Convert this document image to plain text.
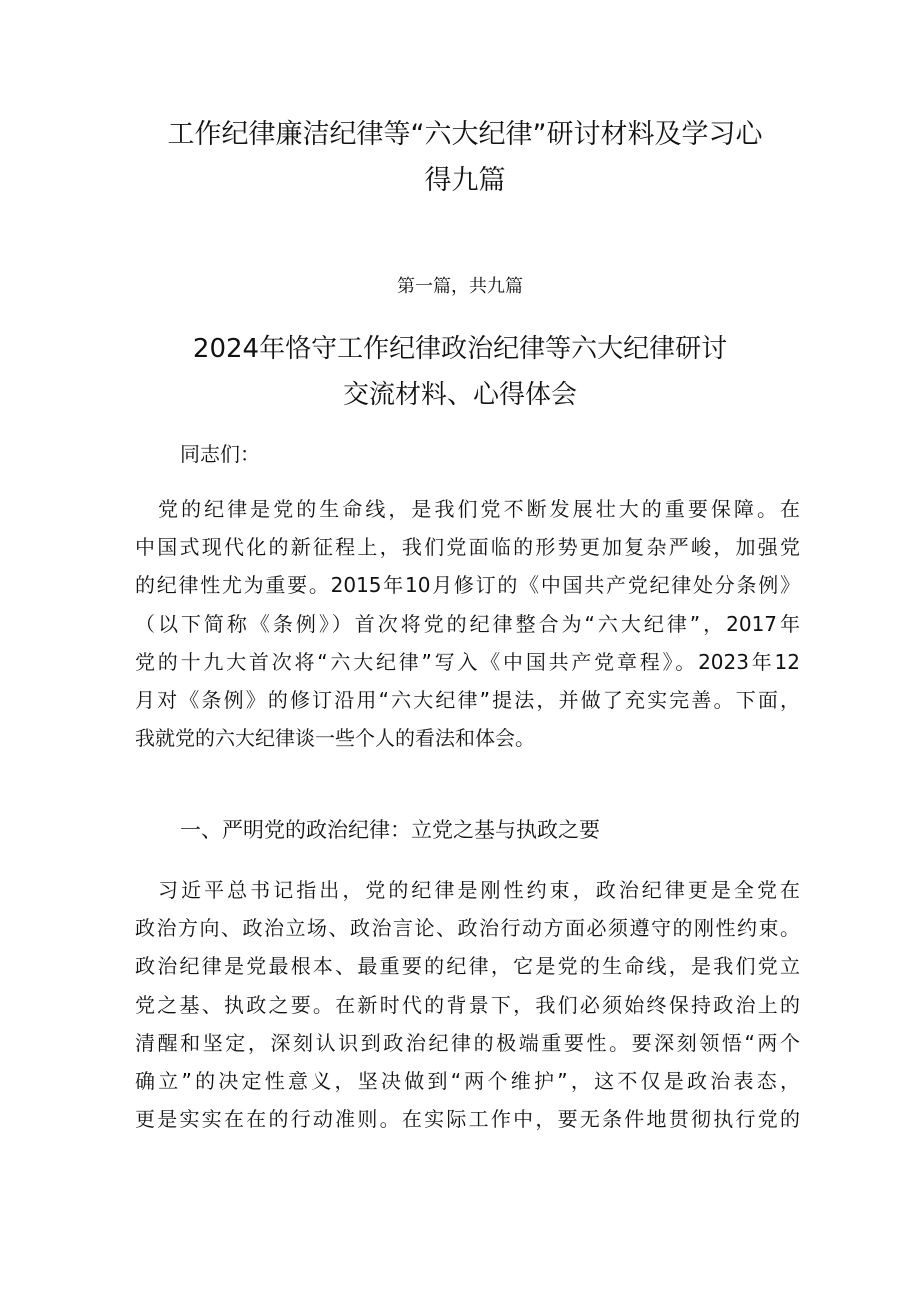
工作纪律廉洁纪律等“六大纪律”研讨材料及学习心
得九篇

第一篇，共九篇

2024年恪守工作纪律政治纪律等六大纪律研讨
交流材料、心得体会

同志们：

　党的纪律是党的生命线，是我们党不断发展壮大的重要保障。在
中国式现代化的新征程上，我们党面临的形势更加复杂严峻，加强党
的纪律性尤为重要。2015年10月修订的《中国共产党纪律处分条例》
（以下简称《条例》）首次将党的纪律整合为“六大纪律”，2017年
党的十九大首次将“六大纪律”写入《中国共产党章程》。2023年12
月对《条例》的修订沿用“六大纪律”提法，并做了充实完善。下面，
我就党的六大纪律谈一些个人的看法和体会。
一、严明党的政治纪律：立党之基与执政之要
　习近平总书记指出，党的纪律是刚性约束，政治纪律更是全党在
政治方向、政治立场、政治言论、政治行动方面必须遵守的刚性约束。
政治纪律是党最根本、最重要的纪律，它是党的生命线，是我们党立
党之基、执政之要。在新时代的背景下，我们必须始终保持政治上的
清醒和坚定，深刻认识到政治纪律的极端重要性。要深刻领悟“两个
确立”的决定性意义，坚决做到“两个维护”，这不仅是政治表态，
更是实实在在的行动准则。在实际工作中，要无条件地贯彻执行党的
